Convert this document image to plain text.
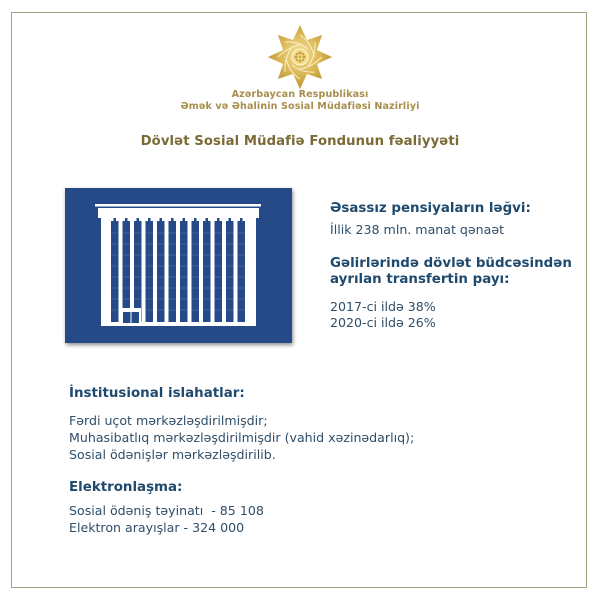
Azərbaycan Respublikası
Əmək və Əhalinin Sosial Müdafiəsi Nazirliyi
Dövlət Sosial Müdafiə Fondunun fəaliyyəti
Əsassız pensiyaların ləğvi:
İllik 238 mln. manat qənaət
Gəlirlərində dövlət büdcəsindən
ayrılan transfertin payı:
2017-ci ildə 38%
2020-ci ildə 26%
İnstitusional islahatlar:
Fərdi uçot mərkəzləşdirilmişdir;
Muhasibatlıq mərkəzləşdirilmişdir (vahid xəzinədarlıq);
Sosial ödənişlər mərkəzləşdirilib.
Elektronlaşma:
Sosial ödəniş təyinatı  - 85 108
Elektron arayışlar - 324 000
